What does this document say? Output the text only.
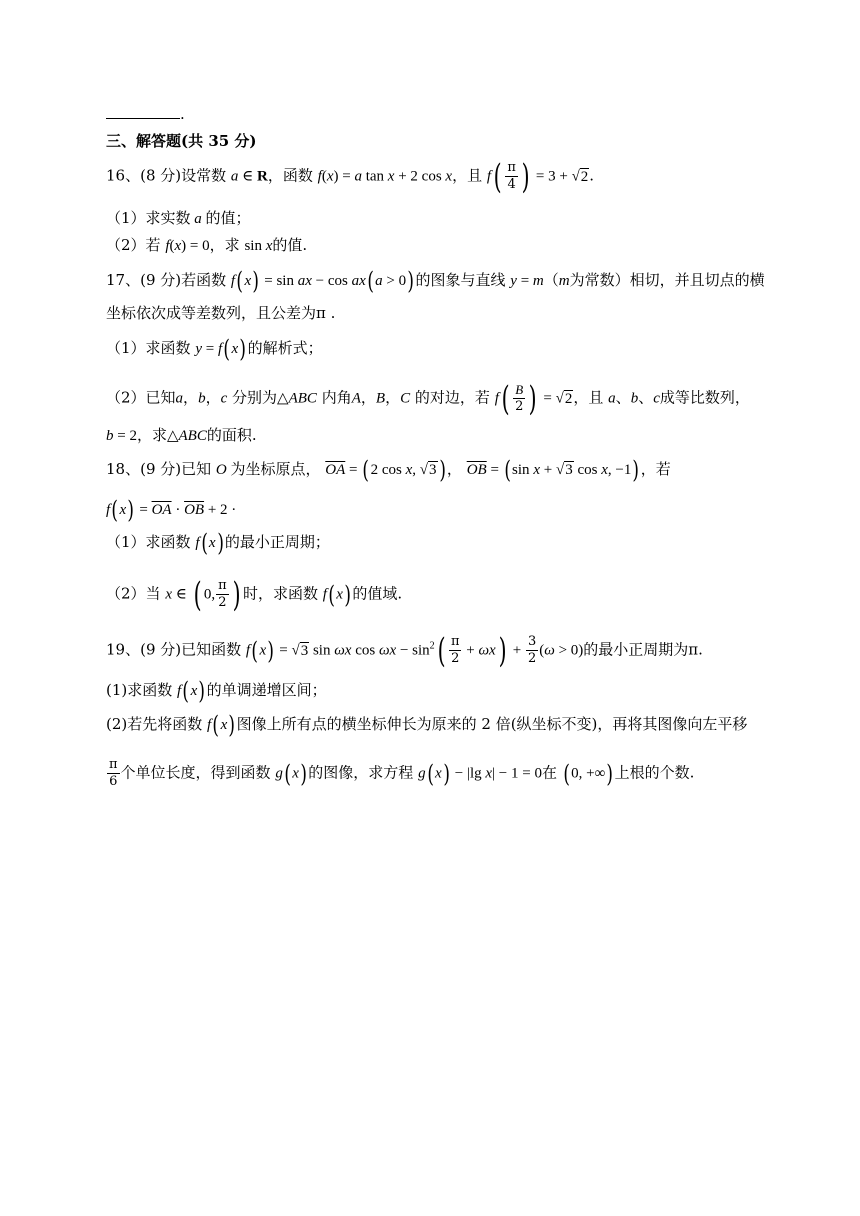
.
三、解答题(共 35 分)
16、(8 分)设常数 a ∈ R，函数 f(x) = a tan x + 2 cos x，且 $f( \frac{\pi}{4}$ ) = 3 + √2.
（1）求实数 a 的值；
（2）若 f(x) = 0，求 sin x的值.
17、(9 分)若函数 f(x) = sin ax − cos ax(a > 0)的图象与直线 y = m（m为常数）相切，并且切点的横
坐标依次成等差数列，且公差为π .
（1）求函数 y = f(x)的解析式；
（2）已知a，b，c 分别为△ABC 内角A，B，C 的对边，若 $f( \frac{B}{2}$ ) = √2，且 a、b、c成等比数列，
b = 2，求△ABC的面积.
18、(9 分)已知 O 为坐标原点， $\overline{OA} = (2$ cos x, √3 )， $\overline{OB} = (\sin$ x + √3 cos x, −1)，若
$f(x) = \overline{OA} \cdot \overline{OB} + 2$ ·
（1）求函数 f(x)的最小正周期；
（2）当 x ∈ ( 0, $\frac{\pi}{2}$ ) 时，求函数 f(x)的值域.
19、(9 分)已知函数 f(x) = √3 sin ωx $\cos \omega x - \sin^2( \frac{\pi}{2} + \omega x) + \frac{3}{2} (\omega > 0)$的最小正周期为π.
(1)求函数 f(x)的单调递增区间；
(2)若先将函数 f(x)图像上所有点的横坐标伸长为原来的 2 倍(纵坐标不变)，再将其图像向左平移
$\frac{\pi}{6}$ 个单位长度，得到函数 g(x)的图像，求方程 g(x) − |lg x| − 1 = 0在 (0, +∞)上根的个数.
